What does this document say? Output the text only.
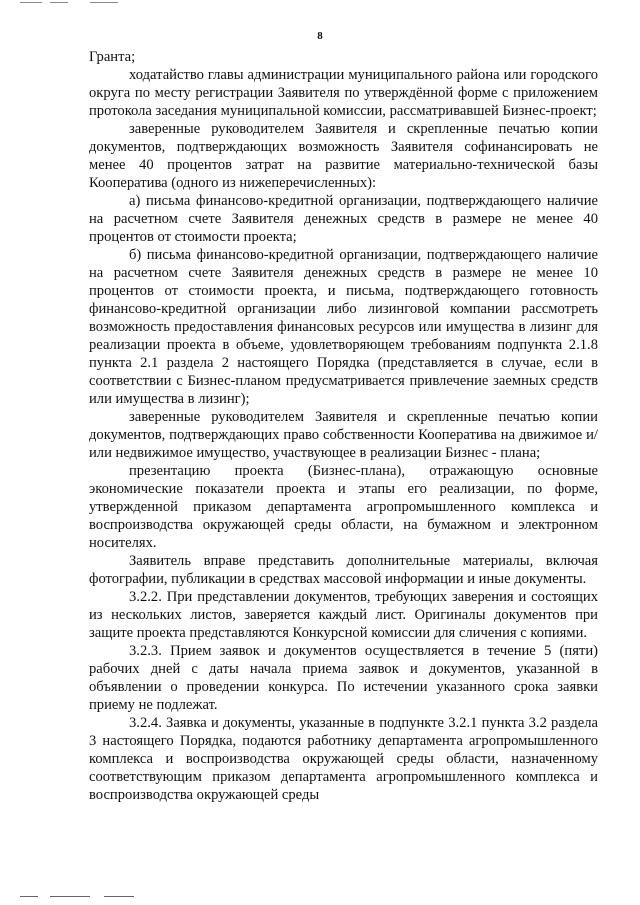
8

Гранта;

ходатайство главы администрации муниципального района или городского округа по месту регистрации Заявителя по утверждённой форме с приложением протокола заседания муниципальной комиссии, рассматривавшей Бизнес-проект;

заверенные руководителем Заявителя и скрепленные печатью копии документов, подтверждающих возможность Заявителя софинансировать не менее 40 процентов затрат на развитие материально-технической базы Кооператива (одного из нижеперечисленных):

а) письма финансово-кредитной организации, подтверждающего наличие на расчетном счете Заявителя денежных средств в размере не менее 40 процентов от стоимости проекта;

б) письма финансово-кредитной организации, подтверждающего наличие на расчетном счете Заявителя денежных средств в размере не менее 10 процентов от стоимости проекта, и письма, подтверждающего готовность финансово-кредитной организации либо лизинговой компании рассмотреть возможность предоставления финансовых ресурсов или имущества в лизинг для реализации проекта в объеме, удовлетворяющем требованиям подпункта 2.1.8 пункта 2.1 раздела 2 настоящего Порядка (представляется в случае, если в соответствии с Бизнес-планом предусматривается привлечение заемных средств или имущества в лизинг);

заверенные руководителем Заявителя и скрепленные печатью копии документов, подтверждающих право собственности Кооператива на движимое и/или недвижимое имущество, участвующее в реализации Бизнес - плана;

презентацию проекта (Бизнес-плана), отражающую основные экономические показатели проекта и этапы его реализации, по форме, утвержденной приказом департамента агропромышленного комплекса и воспроизводства окружающей среды области, на бумажном и электронном носителях.

Заявитель вправе представить дополнительные материалы, включая фотографии, публикации в средствах массовой информации и иные документы.

3.2.2. При представлении документов, требующих заверения и состоящих из нескольких листов, заверяется каждый лист. Оригиналы документов при защите проекта представляются Конкурсной комиссии для сличения с копиями.

3.2.3. Прием заявок и документов осуществляется в течение 5 (пяти) рабочих дней с даты начала приема заявок и документов, указанной в объявлении о проведении конкурса. По истечении указанного срока заявки приему не подлежат.

3.2.4. Заявка и документы, указанные в подпункте 3.2.1 пункта 3.2 раздела 3 настоящего Порядка, подаются работнику департамента агропромышленного комплекса и воспроизводства окружающей среды области, назначенному соответствующим приказом департамента агропромышленного комплекса и воспроизводства окружающей среды
